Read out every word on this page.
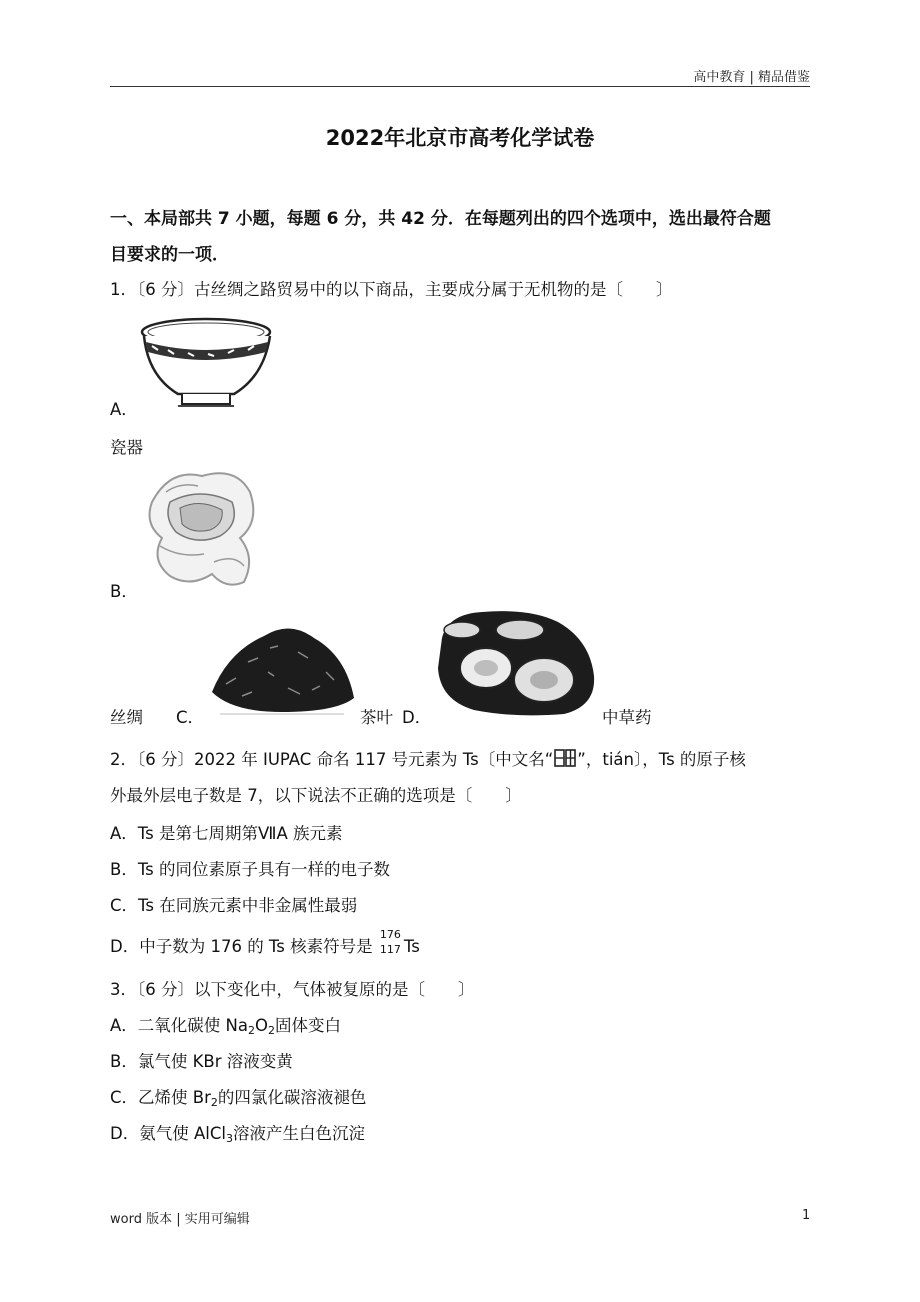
高中教育 | 精品借鉴
2022年北京市高考化学试卷
一、本局部共 7 小题，每题 6 分，共 42 分．在每题列出的四个选项中，选出最符合题
目要求的一项．
1．〔6 分〕古丝绸之路贸易中的以下商品，主要成分属于无机物的是〔　　〕
A．
瓷器
B．
丝绸 C．	茶叶 D．	中草药
2．〔6 分〕2022 年 IUPAC 命名 117 号元素为 Ts〔中文名“ ”，tián〕，Ts 的原子核
外最外层电子数是 7，以下说法不正确的选项是〔　　〕
A．Ts 是第七周期第ⅦA 族元素
B．Ts 的同位素原子具有一样的电子数
C．Ts 在同族元素中非金属性最弱
D．中子数为 176 的 Ts 核素符号是
176
117 Ts
3．〔6 分〕以下变化中，气体被复原的是〔　　〕
A．二氧化碳使 $Na_2O_2$固体变白
B．氯气使 KBr 溶液变黄
C．乙烯使 $Br_2$的四氯化碳溶液褪色
D．氨气使 AlCl$_3$溶液产生白色沉淀
word 版本 | 实用可编辑	1
